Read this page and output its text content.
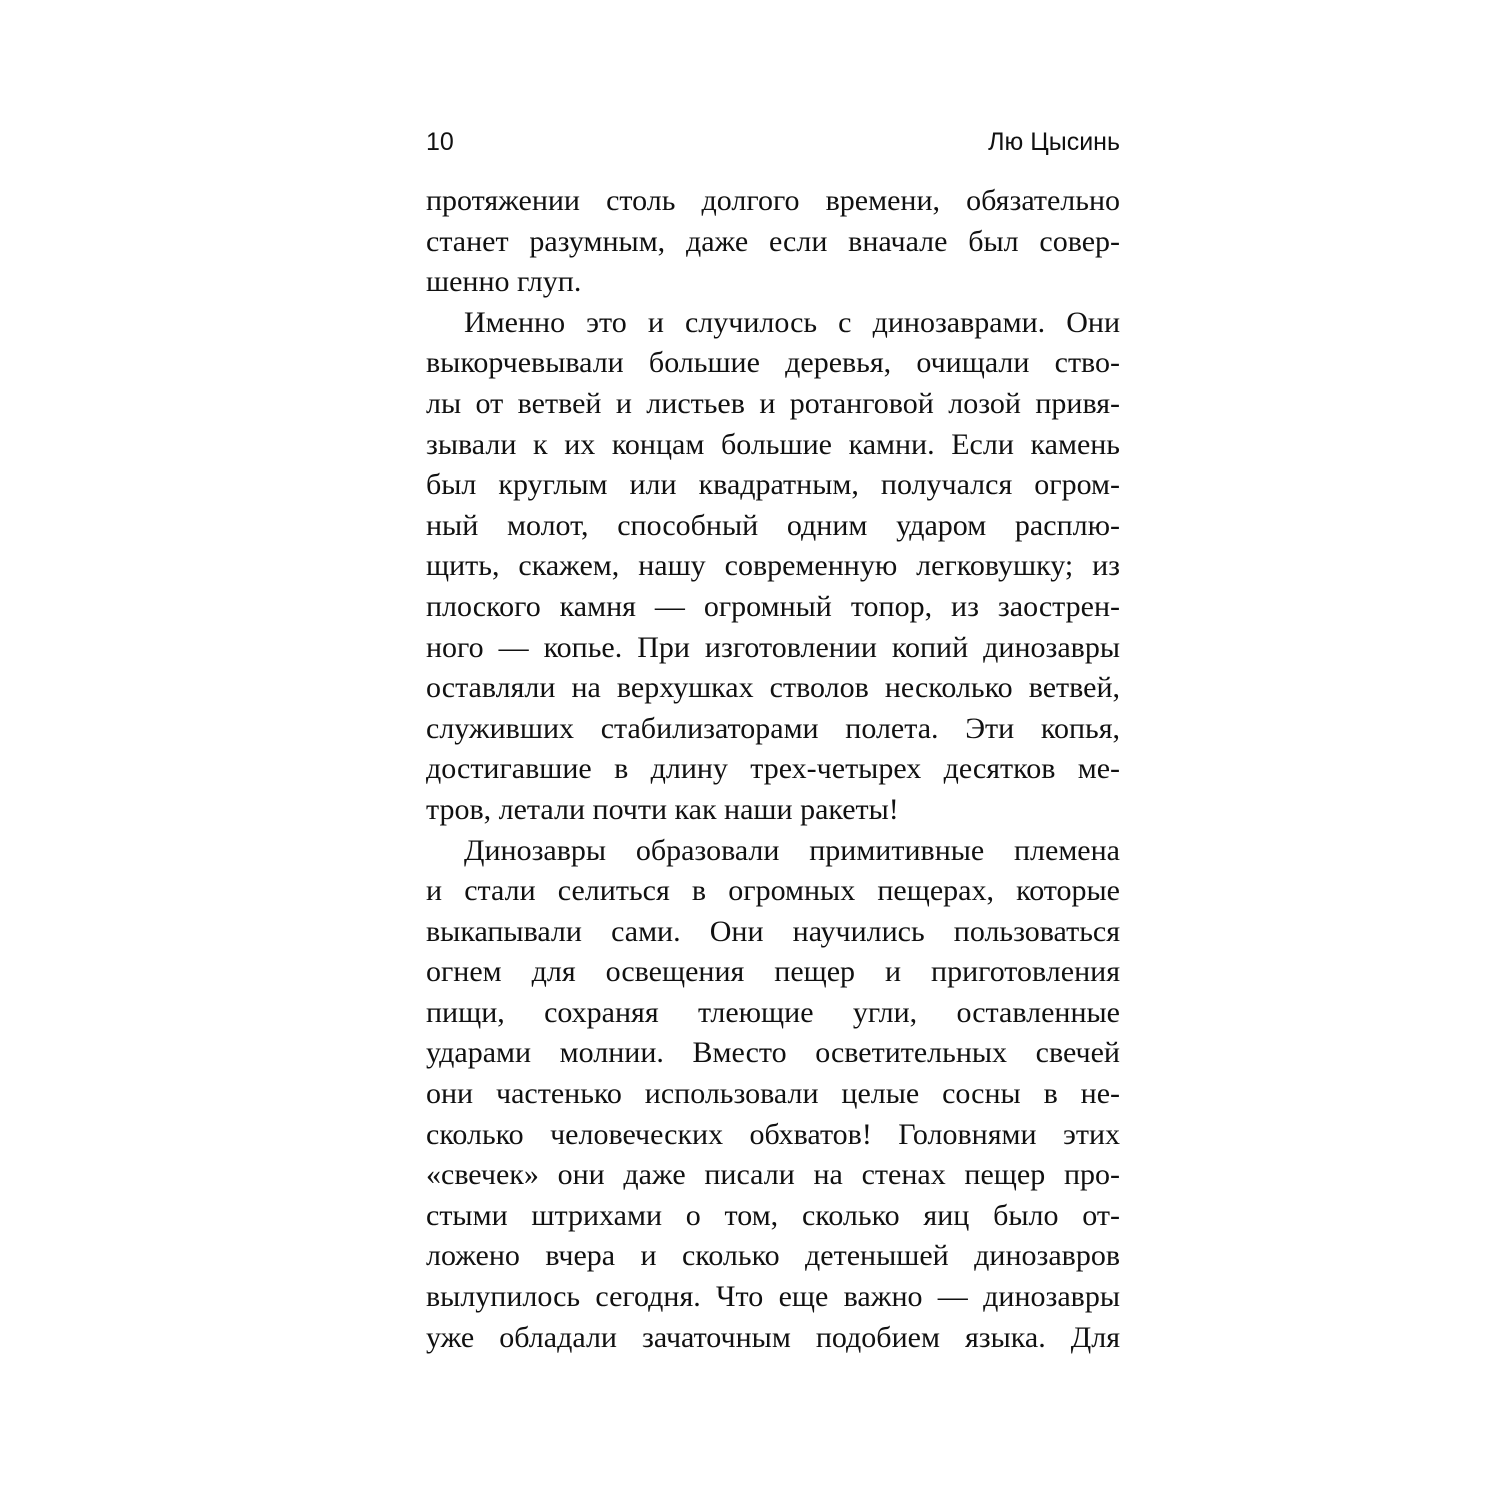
10	Лю Цысинь
протяжении столь долгого времени, обязательно
станет разумным, даже если вначале был совер-
шенно глуп.
Именно это и случилось с динозаврами. Они
выкорчевывали большие деревья, очищали ство-
лы от ветвей и листьев и ротанговой лозой привя-
зывали к их концам большие камни. Если камень
был круглым или квадратным, получался огром-
ный молот, способный одним ударом расплю-
щить, скажем, нашу современную легковушку; из
плоского камня — огромный топор, из заострен-
ного — копье. При изготовлении копий динозавры
оставляли на верхушках стволов несколько ветвей,
служивших стабилизаторами полета. Эти копья,
достигавшие в длину трех-четырех десятков ме-
тров, летали почти как наши ракеты!
Динозавры образовали примитивные племена
и стали селиться в огромных пещерах, которые
выкапывали сами. Они научились пользоваться
огнем для освещения пещер и приготовления
пищи, сохраняя тлеющие угли, оставленные
ударами молнии. Вместо осветительных свечей
они частенько использовали целые сосны в не-
сколько человеческих обхватов! Головнями этих
«свечек» они даже писали на стенах пещер про-
стыми штрихами о том, сколько яиц было от-
ложено вчера и сколько детенышей динозавров
вылупилось сегодня. Что еще важно — динозавры
уже обладали зачаточным подобием языка. Для
